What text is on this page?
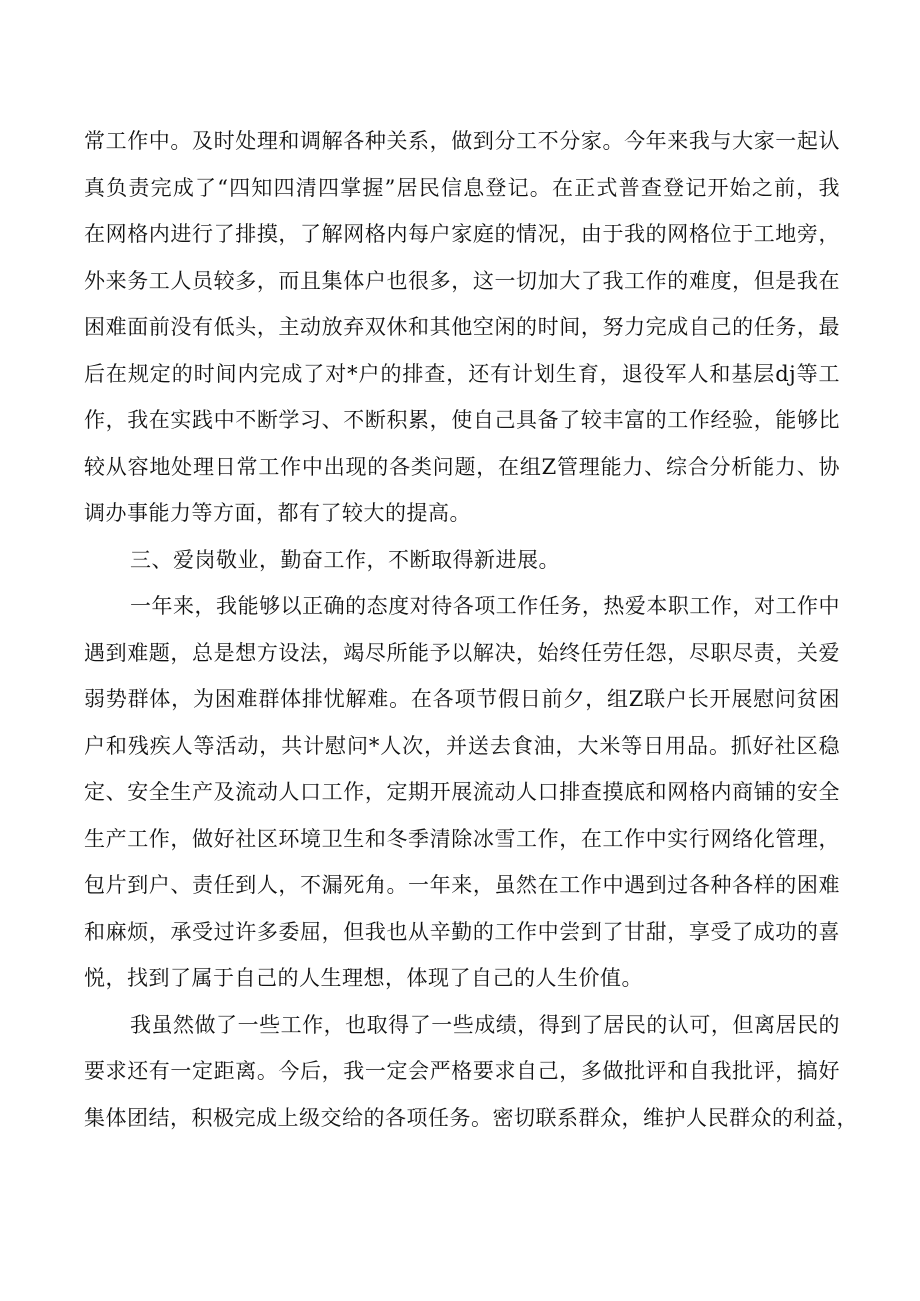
常工作中。及时处理和调解各种关系，做到分工不分家。今年来我与大家一起认
真负责完成了“四知四清四掌握”居民信息登记。在正式普查登记开始之前，我
在网格内进行了排摸，了解网格内每户家庭的情况，由于我的网格位于工地旁，
外来务工人员较多，而且集体户也很多，这一切加大了我工作的难度，但是我在
困难面前没有低头，主动放弃双休和其他空闲的时间，努力完成自己的任务，最
后在规定的时间内完成了对*户的排查，还有计划生育，退役军人和基层dj等工
作，我在实践中不断学习、不断积累，使自己具备了较丰富的工作经验，能够比
较从容地处理日常工作中出现的各类问题，在组Z管理能力、综合分析能力、协
调办事能力等方面，都有了较大的提高。
三、爱岗敬业，勤奋工作，不断取得新进展。
一年来，我能够以正确的态度对待各项工作任务，热爱本职工作，对工作中
遇到难题，总是想方设法，竭尽所能予以解决，始终任劳任怨，尽职尽责，关爱
弱势群体，为困难群体排忧解难。在各项节假日前夕，组Z联户长开展慰问贫困
户和残疾人等活动，共计慰问*人次，并送去食油，大米等日用品。抓好社区稳
定、安全生产及流动人口工作，定期开展流动人口排查摸底和网格内商铺的安全
生产工作，做好社区环境卫生和冬季清除冰雪工作，在工作中实行网络化管理，
包片到户、责任到人，不漏死角。一年来，虽然在工作中遇到过各种各样的困难
和麻烦，承受过许多委屈，但我也从辛勤的工作中尝到了甘甜，享受了成功的喜
悦，找到了属于自己的人生理想，体现了自己的人生价值。
我虽然做了一些工作，也取得了一些成绩，得到了居民的认可，但离居民的
要求还有一定距离。今后，我一定会严格要求自己，多做批评和自我批评，搞好
集体团结，积极完成上级交给的各项任务。密切联系群众，维护人民群众的利益，
